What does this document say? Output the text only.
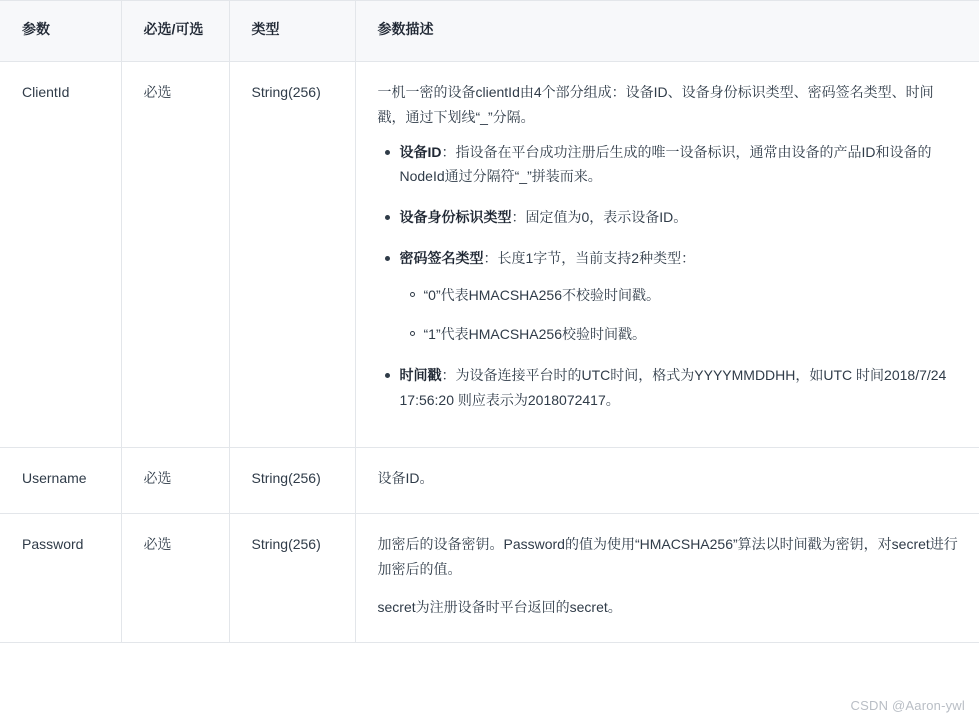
参数	必选/可选	类型	参数描述
ClientId	必选	String(256)	一机一密的设备clientId由4个部分组成：设备ID、设备身份标识类型、密码签名类型、时间戳，通过下划线“_”分隔。

设备ID：指设备在平台成功注册后生成的唯一设备标识，通常由设备的产品ID和设备的NodeId通过分隔符“_”拼装而来。
设备身份标识类型：固定值为0，表示设备ID。
密码签名类型：长度1字节，当前支持2种类型：
“0”代表HMACSHA256不校验时间戳。
“1”代表HMACSHA256校验时间戳。
时间戳：为设备连接平台时的UTC时间，格式为YYYYMMDDHH，如UTC 时间2018/7/24 17:56:20 则应表示为2018072417。

Username	必选	String(256)	设备ID。

Password	必选	String(256)	加密后的设备密钥。Password的值为使用“HMACSHA256”算法以时间戳为密钥，对secret进行加密后的值。

secret为注册设备时平台返回的secret。

CSDN @Aaron-ywl
